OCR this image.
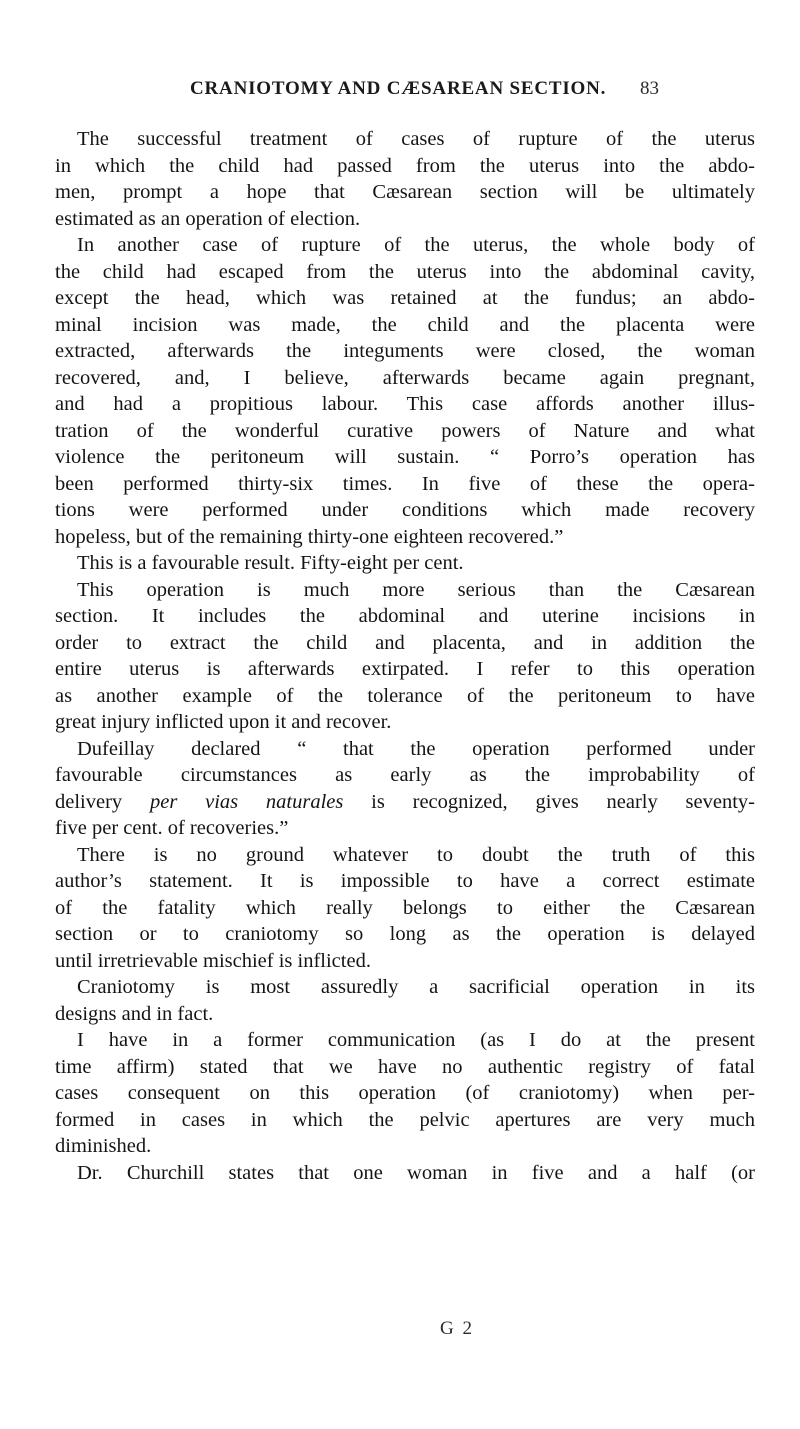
CRANIOTOMY AND CÆSAREAN SECTION. 83
The successful treatment of cases of rupture of the uterus
in which the child had passed from the uterus into the abdo-
men, prompt a hope that Cæsarean section will be ultimately
estimated as an operation of election.
In another case of rupture of the uterus, the whole body of
the child had escaped from the uterus into the abdominal cavity,
except the head, which was retained at the fundus; an abdo-
minal incision was made, the child and the placenta were
extracted, afterwards the integuments were closed, the woman
recovered, and, I believe, afterwards became again pregnant,
and had a propitious labour. This case affords another illus-
tration of the wonderful curative powers of Nature and what
violence the peritoneum will sustain. “ Porro’s operation has
been performed thirty-six times. In five of these the opera-
tions were performed under conditions which made recovery
hopeless, but of the remaining thirty-one eighteen recovered.”
This is a favourable result. Fifty-eight per cent.
This operation is much more serious than the Cæsarean
section. It includes the abdominal and uterine incisions in
order to extract the child and placenta, and in addition the
entire uterus is afterwards extirpated. I refer to this operation
as another example of the tolerance of the peritoneum to have
great injury inflicted upon it and recover.
Dufeillay declared “ that the operation performed under
favourable circumstances as early as the improbability of
delivery per vias naturales is recognized, gives nearly seventy-
five per cent. of recoveries.”
There is no ground whatever to doubt the truth of this
author’s statement. It is impossible to have a correct estimate
of the fatality which really belongs to either the Cæsarean
section or to craniotomy so long as the operation is delayed
until irretrievable mischief is inflicted.
Craniotomy is most assuredly a sacrificial operation in its
designs and in fact.
I have in a former communication (as I do at the present
time affirm) stated that we have no authentic registry of fatal
cases consequent on this operation (of craniotomy) when per-
formed in cases in which the pelvic apertures are very much
diminished.
Dr. Churchill states that one woman in five and a half (or
G 2
